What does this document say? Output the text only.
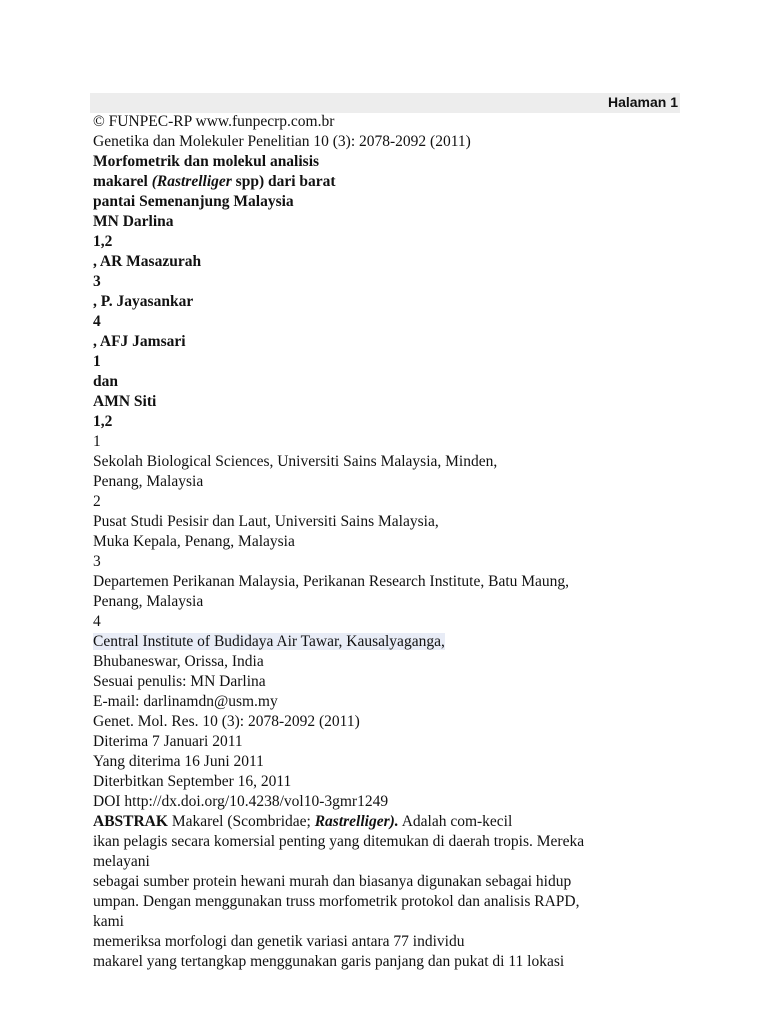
Halaman 1
© FUNPEC-RP www.funpecrp.com.br
Genetika dan Molekuler Penelitian 10 (3): 2078-2092 (2011)
Morfometrik dan molekul analisis
makarel (Rastrelliger spp) dari barat
pantai Semenanjung Malaysia
MN Darlina
1,2
, AR Masazurah
3
, P. Jayasankar
4
, AFJ Jamsari
1
dan
AMN Siti
1,2
1
Sekolah Biological Sciences, Universiti Sains Malaysia, Minden,
Penang, Malaysia
2
Pusat Studi Pesisir dan Laut, Universiti Sains Malaysia,
Muka Kepala, Penang, Malaysia
3
Departemen Perikanan Malaysia, Perikanan Research Institute, Batu Maung,
Penang, Malaysia
4
Central Institute of Budidaya Air Tawar, Kausalyaganga,
Bhubaneswar, Orissa, India
Sesuai penulis: MN Darlina
E-mail: darlinamdn@usm.my
Genet. Mol. Res. 10 (3): 2078-2092 (2011)
Diterima 7 Januari 2011
Yang diterima 16 Juni 2011
Diterbitkan September 16, 2011
DOI http://dx.doi.org/10.4238/vol10-3gmr1249
ABSTRAK Makarel (Scombridae; Rastrelliger). Adalah com-kecil
ikan pelagis secara komersial penting yang ditemukan di daerah tropis. Mereka
melayani
sebagai sumber protein hewani murah dan biasanya digunakan sebagai hidup
umpan. Dengan menggunakan truss morfometrik protokol dan analisis RAPD,
kami
memeriksa morfologi dan genetik variasi antara 77 individu
makarel yang tertangkap menggunakan garis panjang dan pukat di 11 lokasi
